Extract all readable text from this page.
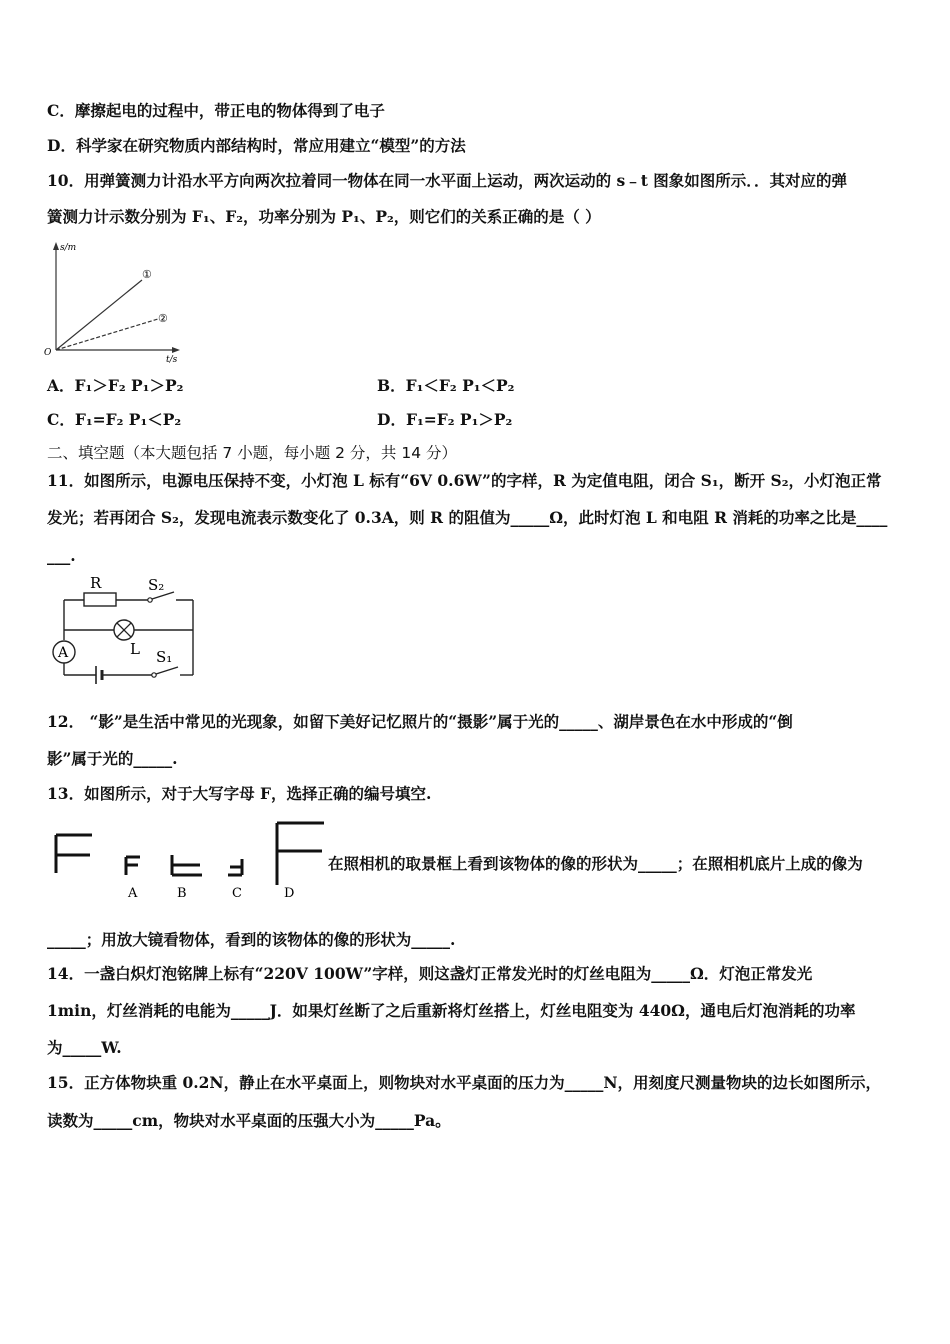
C．摩擦起电的过程中，带正电的物体得到了电子
D．科学家在研究物质内部结构时，常应用建立“模型”的方法
10．用弹簧测力计沿水平方向两次拉着同一物体在同一水平面上运动，两次运动的 s﹣t 图象如图所示．．其对应的弹
簧测力计示数分别为 F₁、F₂，功率分别为 P₁、P₂，则它们的关系正确的是（ ）
s/m
t/s
O
①
②
A．F₁＞F₂ P₁＞P₂	B．F₁＜F₂ P₁＜P₂
C．F₁=F₂ P₁＜P₂	D．F₁=F₂ P₁＞P₂
二、填空题（本大题包括 7 小题，每小题 2 分，共 14 分）
11．如图所示，电源电压保持不变，小灯泡 L 标有“6V 0.6W”的字样，R 为定值电阻，闭合 S₁，断开 S₂，小灯泡正常
发光；若再闭合 S₂，发现电流表示数变化了 0.3A，则 R 的阻值为_____Ω，此时灯泡 L 和电阻 R 消耗的功率之比是____
___.
R	S₂
L
A	S₁
12． “影”是生活中常见的光现象，如留下美好记忆照片的“摄影”属于光的_____、湖岸景色在水中形成的“倒
影”属于光的_____.
13．如图所示，对于大写字母 F，选择正确的编号填空.
A	B	C	D
在照相机的取景框上看到该物体的像的形状为_____；在照相机底片上成的像为
_____；用放大镜看物体，看到的该物体的像的形状为_____.
14．一盏白炽灯泡铭牌上标有“220V 100W”字样，则这盏灯正常发光时的灯丝电阻为_____Ω．灯泡正常发光
1min，灯丝消耗的电能为_____J．如果灯丝断了之后重新将灯丝搭上，灯丝电阻变为 440Ω，通电后灯泡消耗的功率
为_____W.
15．正方体物块重 0.2N，静止在水平桌面上，则物块对水平桌面的压力为_____N，用刻度尺测量物块的边长如图所示，
读数为_____cm，物块对水平桌面的压强大小为_____Pa。
